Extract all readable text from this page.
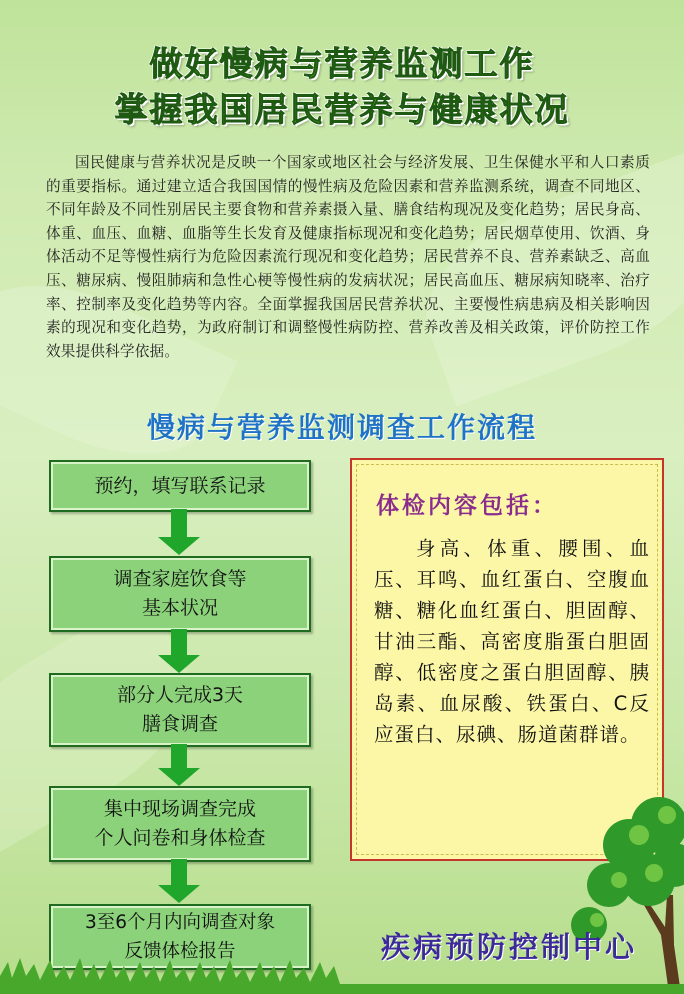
做好慢病与营养监测工作
掌握我国居民营养与健康状况
国民健康与营养状况是反映一个国家或地区社会与经济发展、卫生保健水平和人口素质的重要指标。通过建立适合我国国情的慢性病及危险因素和营养监测系统，调查不同地区、不同年龄及不同性别居民主要食物和营养素摄入量、膳食结构现况及变化趋势；居民身高、体重、血压、血糖、血脂等生长发育及健康指标现况和变化趋势；居民烟草使用、饮酒、身体活动不足等慢性病行为危险因素流行现况和变化趋势；居民营养不良、营养素缺乏、高血压、糖尿病、慢阻肺病和急性心梗等慢性病的发病状况；居民高血压、糖尿病知晓率、治疗率、控制率及变化趋势等内容。全面掌握我国居民营养状况、主要慢性病患病及相关影响因素的现况和变化趋势，为政府制订和调整慢性病防控、营养改善及相关政策，评价防控工作效果提供科学依据。
慢病与营养监测调查工作流程
预约，填写联系记录
调查家庭饮食等
基本状况
部分人完成3天
膳食调查
集中现场调查完成
个人问卷和身体检查
3至6个月内向调查对象
反馈体检报告
体检内容包括：
身高、体重、腰围、血压、耳鸣、血红蛋白、空腹血糖、糖化血红蛋白、胆固醇、甘油三酯、高密度脂蛋白胆固醇、低密度之蛋白胆固醇、胰岛素、血尿酸、铁蛋白、C反应蛋白、尿碘、肠道菌群谱。
疾病预防控制中心
